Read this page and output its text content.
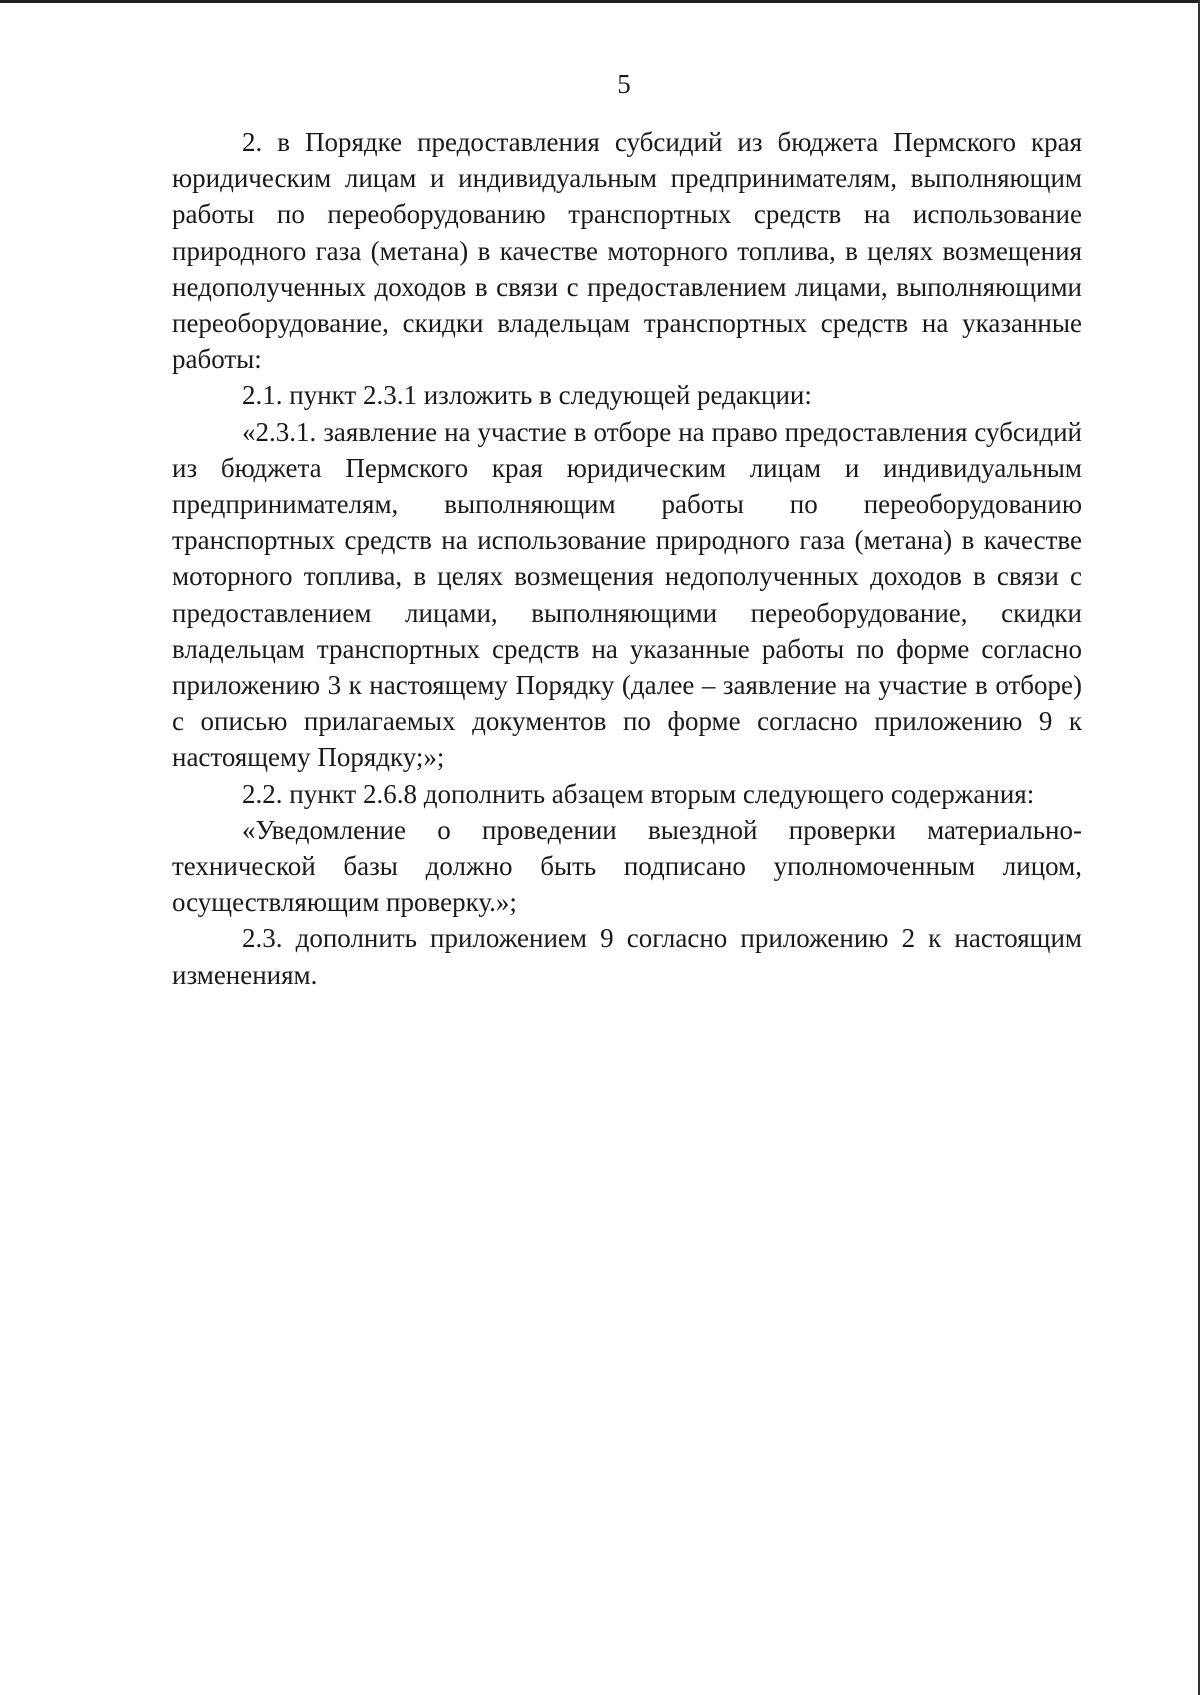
5

2. в Порядке предоставления субсидий из бюджета Пермского края юридическим лицам и индивидуальным предпринимателям, выполняющим работы по переоборудованию транспортных средств на использование природного газа (метана) в качестве моторного топлива, в целях возмещения недополученных доходов в связи с предоставлением лицами, выполняющими переоборудование, скидки владельцам транспортных средств на указанные работы:

2.1. пункт 2.3.1 изложить в следующей редакции:

«2.3.1. заявление на участие в отборе на право предоставления субсидий из бюджета Пермского края юридическим лицам и индивидуальным предпринимателям, выполняющим работы по переоборудованию транспортных средств на использование природного газа (метана) в качестве моторного топлива, в целях возмещения недополученных доходов в связи с предоставлением лицами, выполняющими переоборудование, скидки владельцам транспортных средств на указанные работы по форме согласно приложению 3 к настоящему Порядку (далее – заявление на участие в отборе) с описью прилагаемых документов по форме согласно приложению 9 к настоящему Порядку;»;

2.2. пункт 2.6.8 дополнить абзацем вторым следующего содержания:

«Уведомление о проведении выездной проверки материально-технической базы должно быть подписано уполномоченным лицом, осуществляющим проверку.»;

2.3. дополнить приложением 9 согласно приложению 2 к настоящим изменениям.
